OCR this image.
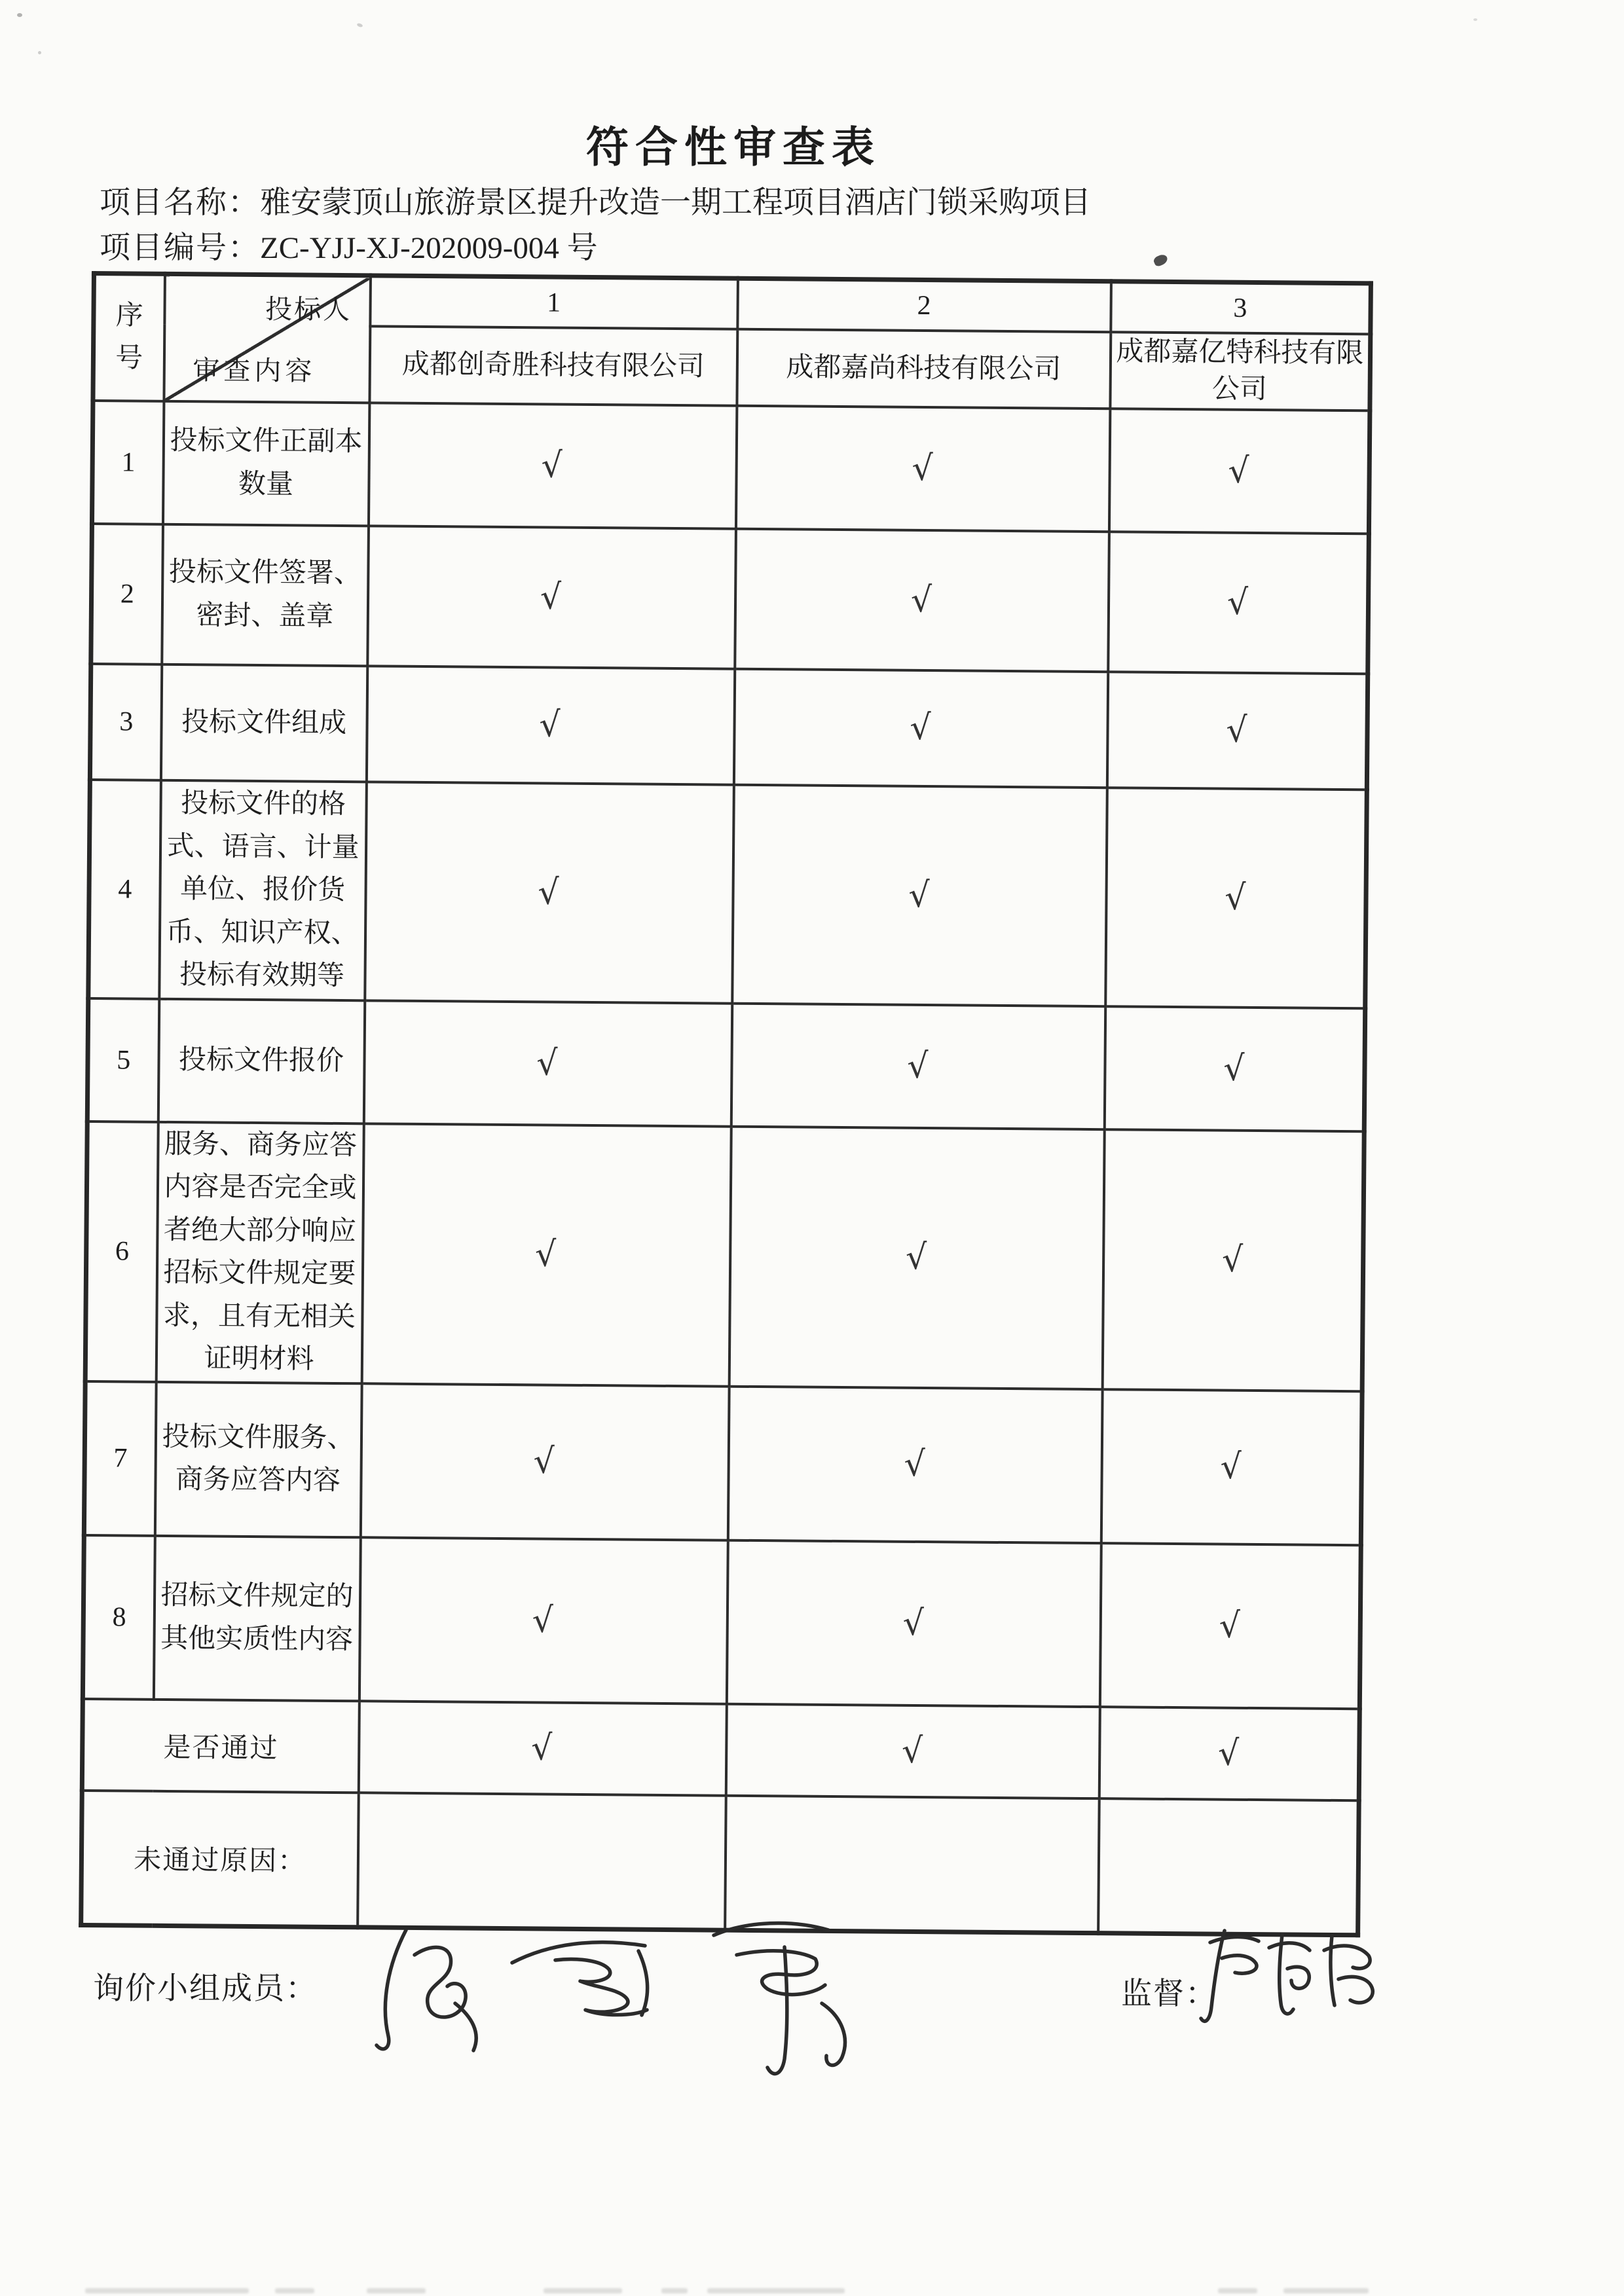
符合性审查表
项目名称：雅安蒙顶山旅游景区提升改造一期工程项目酒店门锁采购项目
项目编号：ZC-YJJ-XJ-202009-004 号
序号	投标人
审查内容	1	2	3
		成都创奇胜科技有限公司	成都嘉尚科技有限公司	成都嘉亿特科技有限公司
1	投标文件正副本数量	√	√	√
2	投标文件签署、密封、盖章	√	√	√
3	投标文件组成	√	√	√
4	投标文件的格式、语言、计量单位、报价货币、知识产权、投标有效期等	√	√	√
5	投标文件报价	√	√	√
6	服务、商务应答内容是否完全或者绝大部分响应招标文件规定要求，且有无相关证明材料	√	√	√
7	投标文件服务、商务应答内容	√	√	√
8	招标文件规定的其他实质性内容	√	√	√
是否通过		√	√	√
未通过原因：				
询价小组成员：	监督：
